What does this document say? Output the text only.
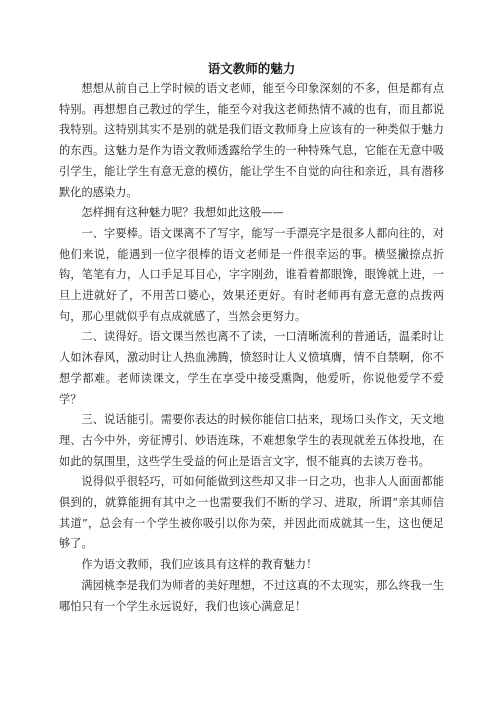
语文教师的魅力

想想从前自己上学时候的语文老师，能至今印象深刻的不多，但是都有点特别。再想想自己教过的学生，能至今对我这老师热情不减的也有，而且都说我特别。这特别其实不是别的就是我们语文教师身上应该有的一种类似于魅力的东西。这魅力是作为语文教师透露给学生的一种特殊气息，它能在无意中吸引学生，能让学生有意无意的模仿，能让学生不自觉的向往和亲近，具有潜移默化的感染力。

怎样拥有这种魅力呢？我想如此这般——

一、字要棒。语文课离不了写字，能写一手漂亮字是很多人都向往的，对他们来说，能遇到一位字很棒的语文老师是一件很幸运的事。横竖撇捺点折钩，笔笔有力，人口手足耳目心，字字刚劲，谁看着都眼馋，眼馋就上进，一旦上进就好了，不用苦口婆心，效果还更好。有时老师再有意无意的点拨两句，那心里就似乎有点成就感了，当然会更努力。

二、读得好。语文课当然也离不了读，一口清晰流利的普通话，温柔时让人如沐春风，激动时让人热血沸腾，愤怒时让人义愤填膺，情不自禁啊，你不想学都难。老师读课文，学生在享受中接受熏陶，他爱听，你说他爱学不爱学？

三、说话能引。需要你表达的时候你能信口拈来，现场口头作文，天文地理、古今中外，旁征博引、妙语连珠，不难想象学生的表现就差五体投地，在如此的氛围里，这些学生受益的何止是语言文字，恨不能真的去读万卷书。

说得似乎很轻巧，可如何能做到这些却又非一日之功，也非人人面面都能俱到的，就算能拥有其中之一也需要我们不断的学习、进取，所谓“亲其师信其道”，总会有一个学生被你吸引以你为荣，并因此而成就其一生，这也便足够了。

作为语文教师，我们应该具有这样的教育魅力！

满园桃李是我们为师者的美好理想，不过这真的不太现实，那么终我一生哪怕只有一个学生永远说好，我们也该心满意足！
